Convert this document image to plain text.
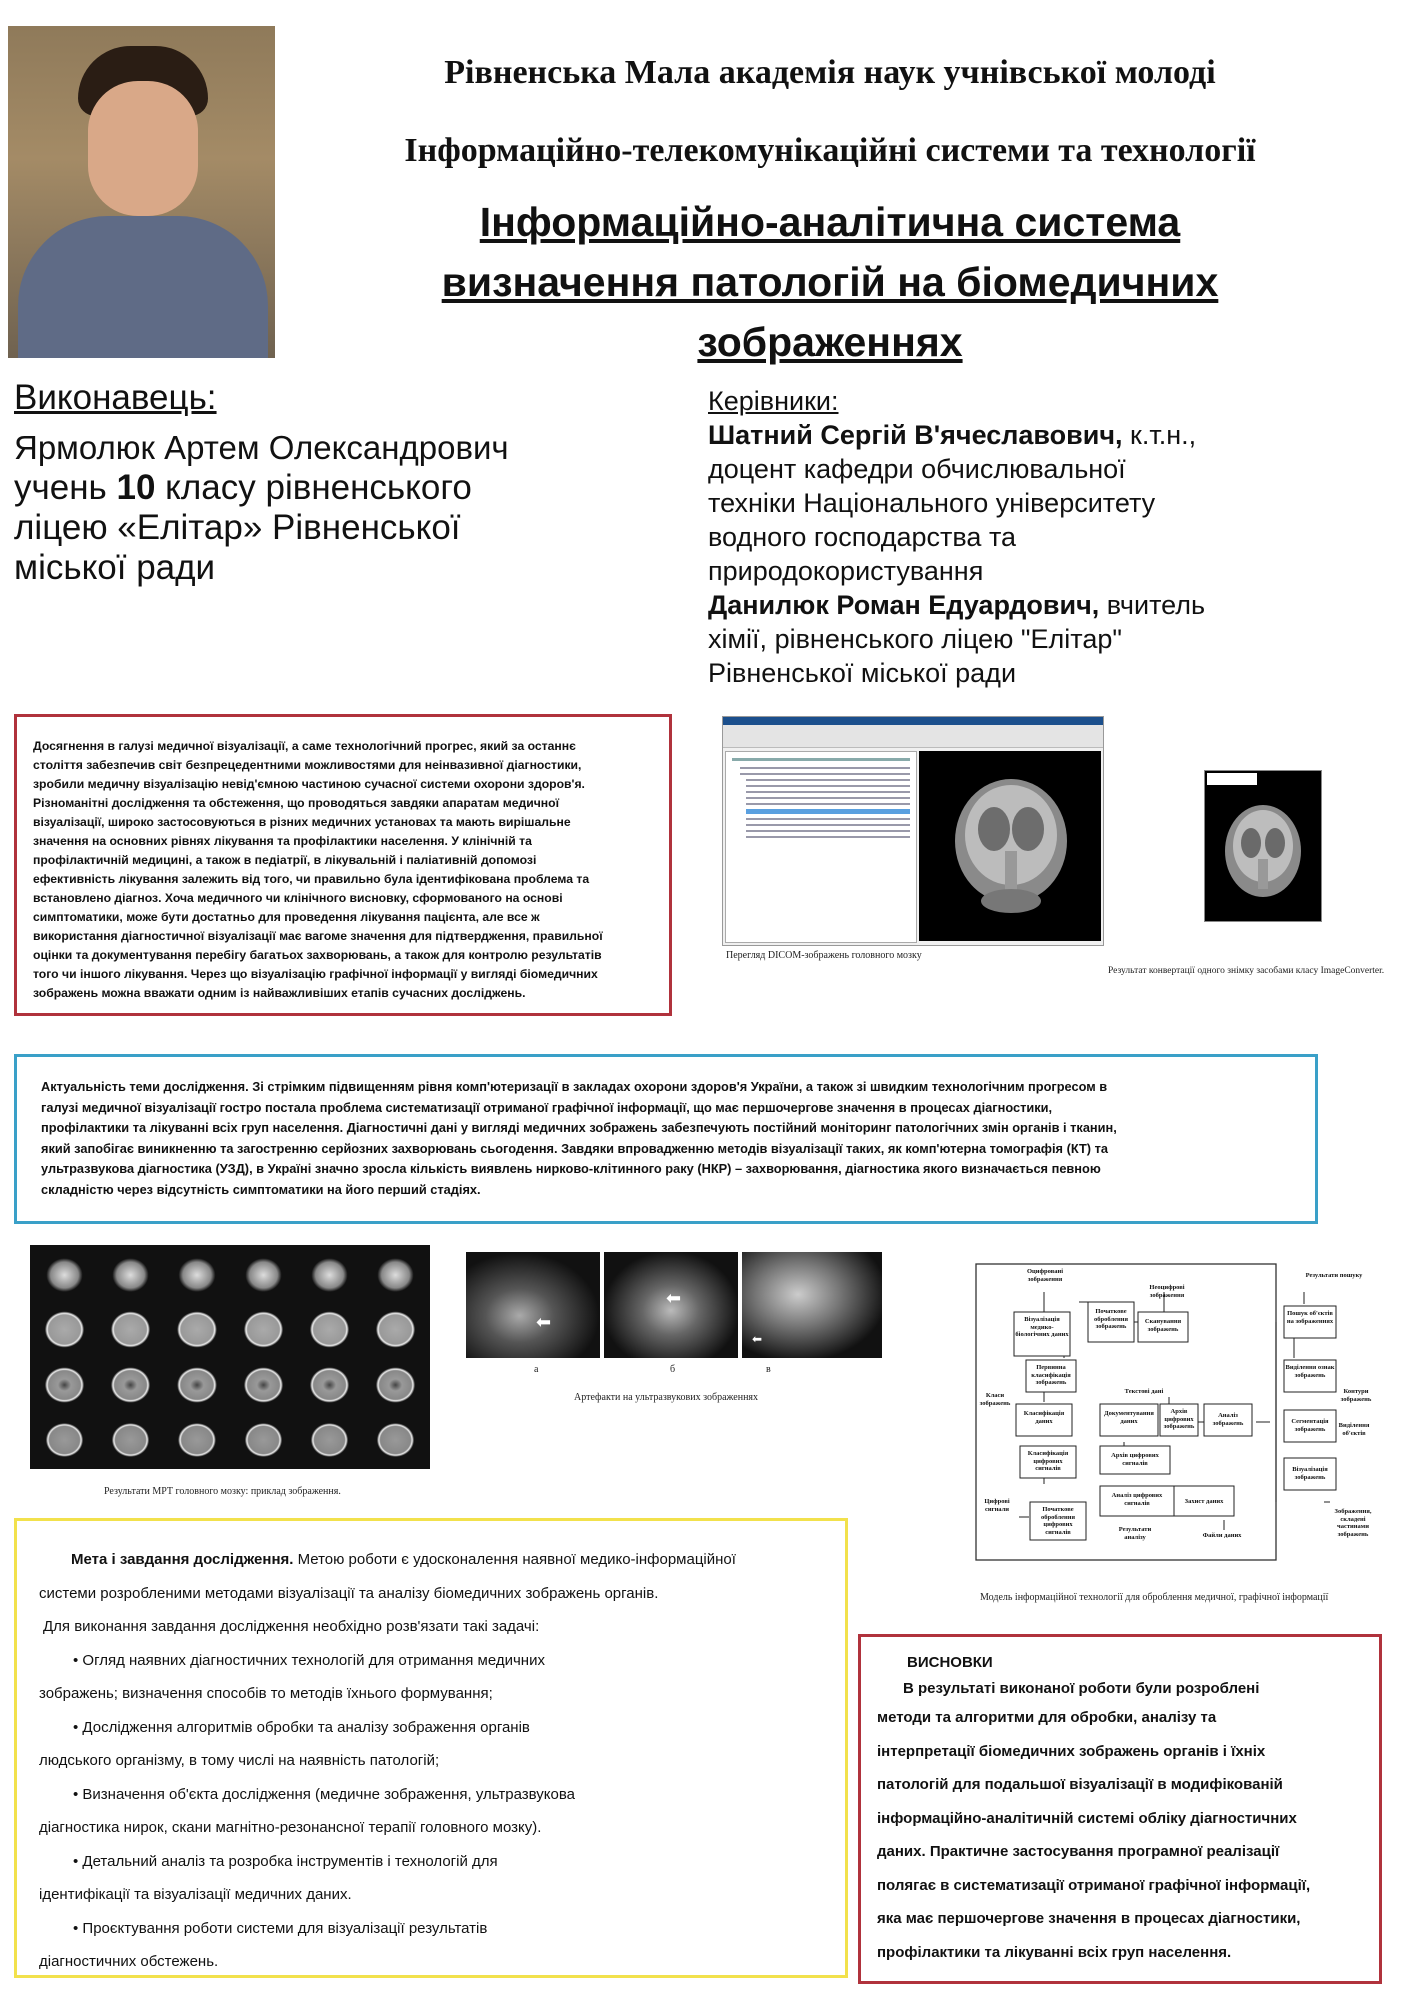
Рівненська Мала академія наук учнівської молоді
Інформаційно-телекомунікаційні системи та технології
Інформаційно-аналітична система
визначення патологій на біомедичних
зображеннях
Виконавець:
Ярмолюк Артем Олександрович
учень 10 класу рівненського
ліцею «Елітар» Рівненської
міської ради
Керівники:
Шатний Сергій В'ячеславович, к.т.н.,
доцент кафедри обчислювальної
техніки Національного університету
водного господарства та
природокористування
Данилюк Роман Едуардович, вчитель
хімії, рівненського ліцею "Елітар"
Рівненської міської ради
Досягнення в галузі медичної візуалізації, а саме технологічний прогрес, який за останнє
століття забезпечив світ безпрецедентними можливостями для неінвазивної діагностики,
зробили медичну візуалізацію невід'ємною частиною сучасної системи охорони здоров'я.
Різноманітні дослідження та обстеження, що проводяться завдяки апаратам медичної
візуалізації, широко застосовуються в різних медичних установах та мають вирішальне
значення на основних рівнях лікування та профілактики населення. У клінічній та
профілактичній медицині, а також в педіатрії, в лікувальній і паліативній допомозі
ефективність лікування залежить від того, чи правильно була ідентифікована проблема та
встановлено діагноз. Хоча медичного чи клінічного висновку, сформованого на основі
симптоматики, може бути достатньо для проведення лікування пацієнта, але все ж
використання діагностичної візуалізації має вагоме значення для підтвердження, правильної
оцінки та документування перебігу багатьох захворювань, а також для контролю результатів
того чи іншого лікування. Через що візуалізацію графічної інформації у вигляді біомедичних
зображень можна вважати одним із найважливіших етапів сучасних досліджень.
Перегляд DICOM-зображень головного мозку
Результат конвертації одного знімку засобами класу ImageConverter.
Актуальність теми дослідження. Зі стрімким підвищенням рівня комп'ютеризації в закладах охорони здоров'я України, а також зі швидким технологічним прогресом в
галузі медичної візуалізації гостро постала проблема систематизації отриманої графічної інформації, що має першочергове значення в процесах діагностики,
профілактики та лікуванні всіх груп населення. Діагностичні дані у вигляді медичних зображень забезпечують постійний моніторинг патологічних змін органів і тканин,
який запобігає виникненню та загостренню серйозних захворювань сьогодення. Завдяки впровадженню методів візуалізації таких, як комп'ютерна томографія (КТ) та
ультразвукова діагностика (УЗД), в Україні значно зросла кількість виявлень нирково-клітинного раку (НКР) – захворювання, діагностика якого визначається певною
складністю через відсутність симптоматики на його перший стадіях.
Результати МРТ головного мозку: приклад зображення.
⬅
⬅
⬅
а	б	в
Артефакти на ультразвукових зображеннях
Оцифровані зображення
Неоцифрові зображення
Візуалізація медико-біологічних даних
Початкове оброблення зображень
Сканування зображень
Первинна класифікація зображень
Класи зображень
Текстові дані
Класифікація даних
Документування даних
Архів цифрових зображень
Аналіз зображень
Класифікація цифрових сигналів
Архів цифрових сигналів
Цифрові сигнали	Початкове оброблення цифрових сигналів
Аналіз цифрових сигналів	Захист даних
Результати аналізу	Файли даних
Результати пошуку
Пошук об'єктів на зображеннях
Виділення ознак зображень
Контури зображень
Сегментація зображень	Виділення об'єктів
Візуалізація зображень
Зображення, складені частинами зображень
Модель інформаційної технології для оброблення медичної, графічної інформації
Мета і завдання дослідження. Метою роботи є удосконалення наявної медико-інформаційної
системи розробленими методами візуалізації та аналізу біомедичних зображень органів.
Для виконання завдання дослідження необхідно розв'язати такі задачі:
• Огляд наявних діагностичних технологій для отримання медичних
зображень; визначення способів то методів їхнього формування;
• Дослідження алгоритмів обробки та аналізу зображення органів
людського організму, в тому числі на наявність патологій;
• Визначення об'єкта дослідження (медичне зображення, ультразвукова
діагностика нирок, скани магнітно-резонансної терапії головного мозку).
• Детальний аналіз та розробка інструментів і технологій для
ідентифікації та візуалізації медичних даних.
• Проєктування роботи системи для візуалізації результатів
діагностичних обстежень.
ВИСНОВКИ
В результаті виконаної роботи були розроблені
методи та алгоритми для обробки, аналізу та
інтерпретації біомедичних зображень органів і їхніх
патологій для подальшої візуалізації в модифікованій
інформаційно-аналітичній системі обліку діагностичних
даних. Практичне застосування програмної реалізації
полягає в систематизації отриманої графічної інформації,
яка має першочергове значення в процесах діагностики,
профілактики та лікуванні всіх груп населення.
